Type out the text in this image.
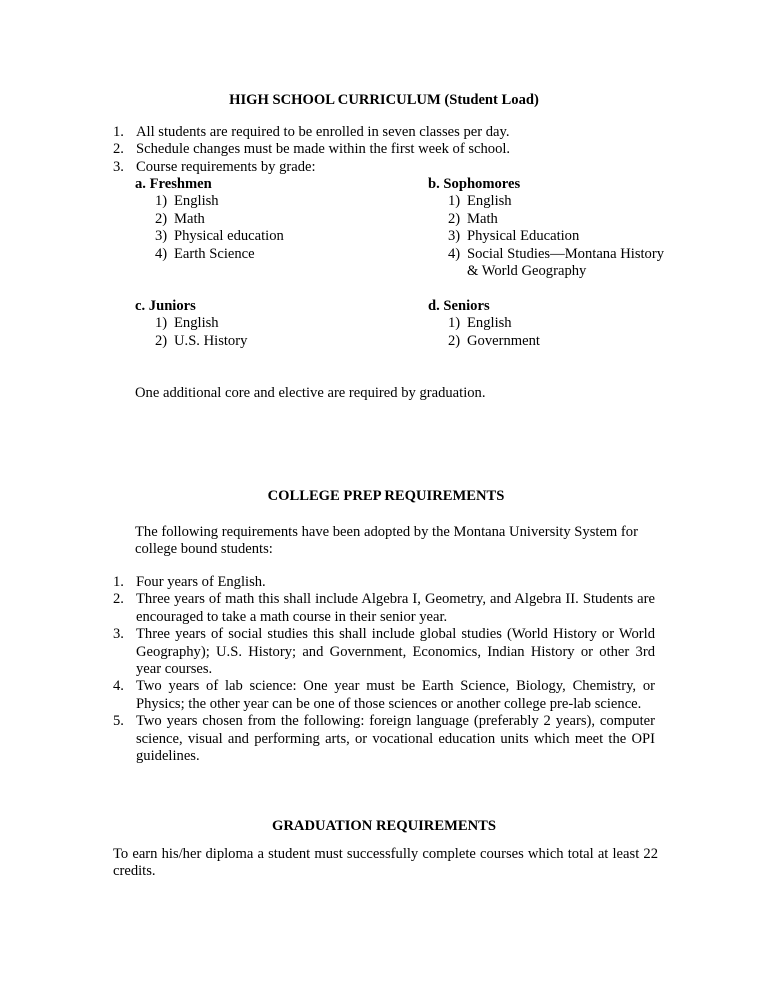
HIGH SCHOOL CURRICULUM (Student Load)
1. All students are required to be enrolled in seven classes per day.
2. Schedule changes must be made within the first week of school.
3. Course requirements by grade:
a. Freshmen
1) English
2) Math
3) Physical education
4) Earth Science
b. Sophomores
1) English
2) Math
3) Physical Education
4) Social Studies—Montana History & World Geography
c. Juniors
1) English
2) U.S. History
d. Seniors
1) English
2) Government

One additional core and elective are required by graduation.

COLLEGE PREP REQUIREMENTS

The following requirements have been adopted by the Montana University System for college bound students:

1. Four years of English.
2. Three years of math this shall include Algebra I, Geometry, and Algebra II. Students are encouraged to take a math course in their senior year.
3. Three years of social studies this shall include global studies (World History or World Geography); U.S. History; and Government, Economics, Indian History or other 3rd year courses.
4. Two years of lab science: One year must be Earth Science, Biology, Chemistry, or Physics; the other year can be one of those sciences or another college pre-lab science.
5. Two years chosen from the following: foreign language (preferably 2 years), computer science, visual and performing arts, or vocational education units which meet the OPI guidelines.
GRADUATION REQUIREMENTS

To earn his/her diploma a student must successfully complete courses which total at least 22 credits.
